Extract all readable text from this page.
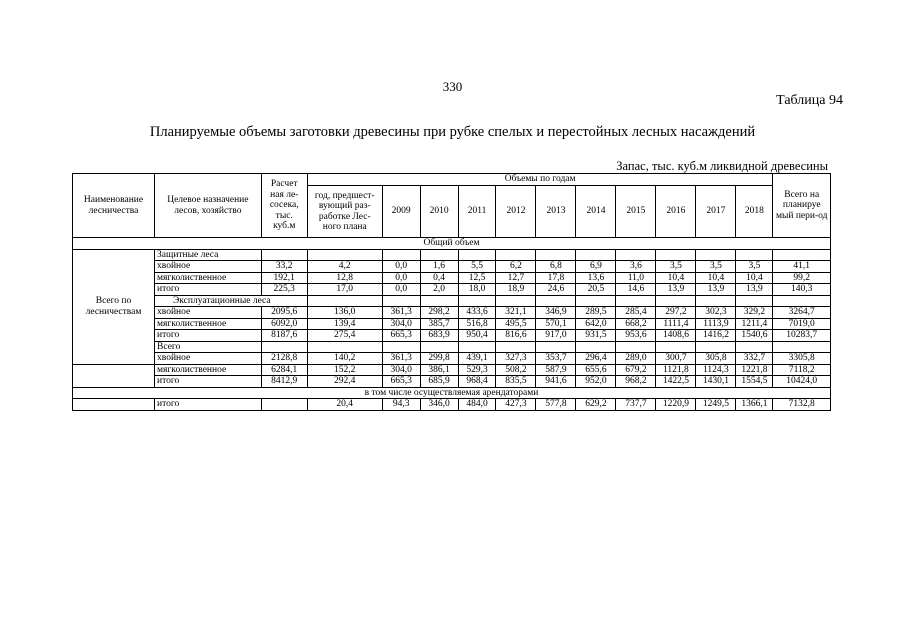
330
Таблица 94
Планируемые объемы заготовки древесины при рубке спелых и перестойных лесных насаждений
Запас, тыс. куб.м ликвидной древесины
Наименование лесничества	Целевое назначение лесов, хозяйство	Расчет ная ле-сосека, тыс. куб.м	Объемы по годам											Всего на планируе мый пери-од
			год, предшест-вующий раз-работке Лес-ного плана	2009	2010	2011	2012	2013	2014	2015	2016	2017	2018	
Общий объем														
Всего по лесничествам	Защитные леса													
	хвойное	33,2	4,2	0,0	1,6	5,5	6,2	6,8	6,9	3,6	3,5	3,5	3,5	41,1
	мягколиственное	192,1	12,8	0,0	0,4	12,5	12,7	17,8	13,6	11,0	10,4	10,4	10,4	99,2
	итого	225,3	17,0	0,0	2,0	18,0	18,9	24,6	20,5	14,6	13,9	13,9	13,9	140,3
	Эксплуатационные леса													
	хвойное	2095,6	136,0	361,3	298,2	433,6	321,1	346,9	289,5	285,4	297,2	302,3	329,2	3264,7
	мягколиственное	6092,0	139,4	304,0	385,7	516,8	495,5	570,1	642,0	668,2	1111,4	1113,9	1211,4	7019,0
	итого	8187,6	275,4	665,3	683,9	950,4	816,6	917,0	931,5	953,6	1408,6	1416,2	1540,6	10283,7
	Всего													
	хвойное	2128,8	140,2	361,3	299,8	439,1	327,3	353,7	296,4	289,0	300,7	305,8	332,7	3305,8
	мягколиственное	6284,1	152,2	304,0	386,1	529,3	508,2	587,9	655,6	679,2	1121,8	1124,3	1221,8	7118,2
	итого	8412,9	292,4	665,3	685,9	968,4	835,5	941,6	952,0	968,2	1422,5	1430,1	1554,5	10424,0
в том числе осуществляемая арендаторами														
	итого		20,4	94,3	346,0	484,0	427,3	577,8	629,2	737,7	1220,9	1249,5	1366,1	7132,8
